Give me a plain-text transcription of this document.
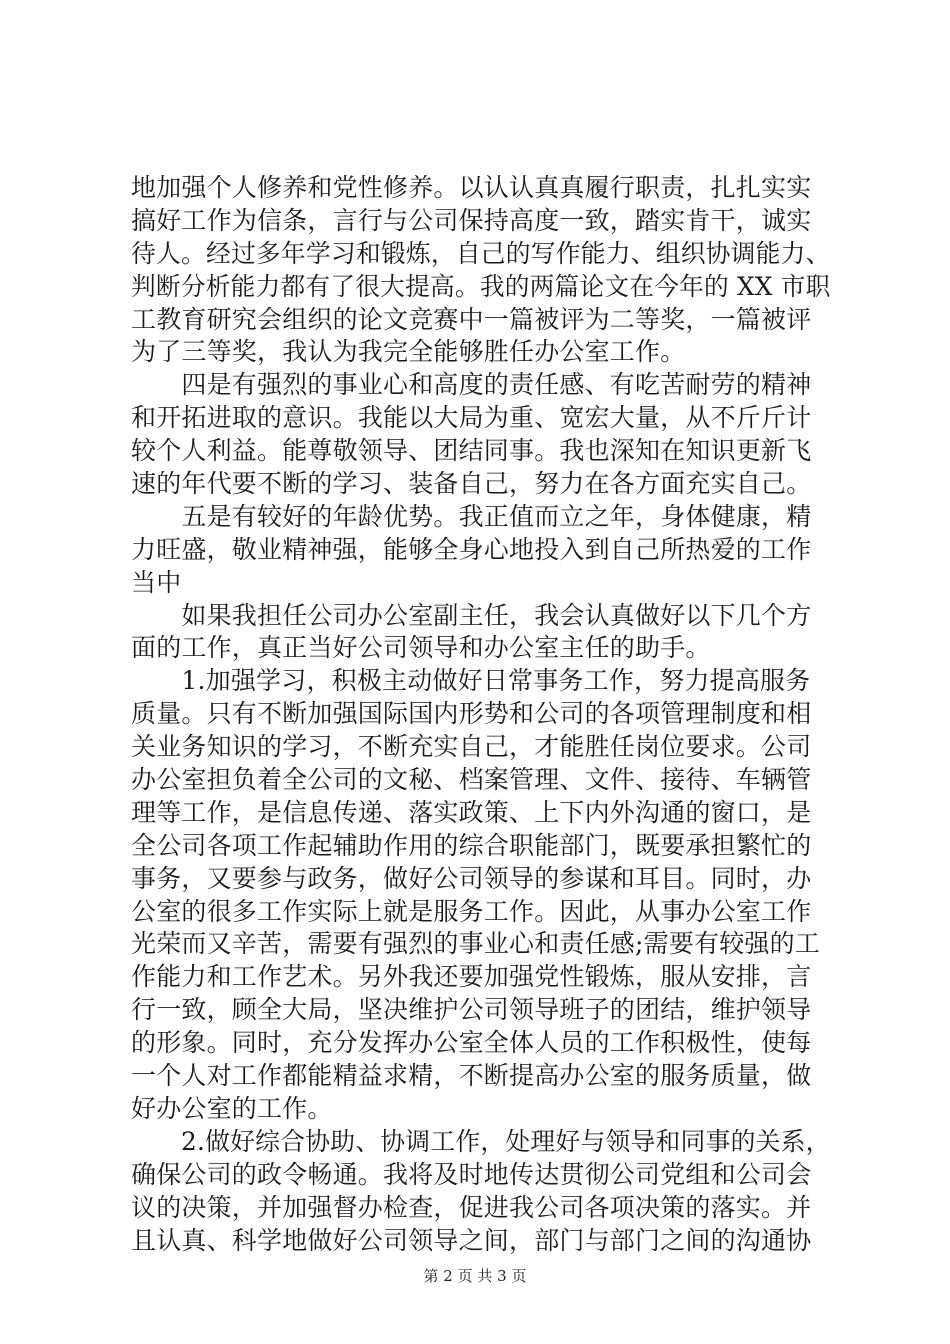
地加强个人修养和党性修养。以认认真真履行职责，扎扎实实
搞好工作为信条，言行与公司保持高度一致，踏实肯干，诚实
待人。经过多年学习和锻炼，自己的写作能力、组织协调能力、
判断分析能力都有了很大提高。我的两篇论文在今年的 XX 市职
工教育研究会组织的论文竞赛中一篇被评为二等奖，一篇被评
为了三等奖，我认为我完全能够胜任办公室工作。
　　四是有强烈的事业心和高度的责任感、有吃苦耐劳的精神
和开拓进取的意识。我能以大局为重、宽宏大量，从不斤斤计
较个人利益。能尊敬领导、团结同事。我也深知在知识更新飞
速的年代要不断的学习、装备自己，努力在各方面充实自己。
　　五是有较好的年龄优势。我正值而立之年，身体健康，精
力旺盛，敬业精神强，能够全身心地投入到自己所热爱的工作
当中
　　如果我担任公司办公室副主任，我会认真做好以下几个方
面的工作，真正当好公司领导和办公室主任的助手。
　　1.加强学习，积极主动做好日常事务工作，努力提高服务
质量。只有不断加强国际国内形势和公司的各项管理制度和相
关业务知识的学习，不断充实自己，才能胜任岗位要求。公司
办公室担负着全公司的文秘、档案管理、文件、接待、车辆管
理等工作，是信息传递、落实政策、上下内外沟通的窗口，是
全公司各项工作起辅助作用的综合职能部门，既要承担繁忙的
事务，又要参与政务，做好公司领导的参谋和耳目。同时，办
公室的很多工作实际上就是服务工作。因此，从事办公室工作
光荣而又辛苦，需要有强烈的事业心和责任感;需要有较强的工
作能力和工作艺术。另外我还要加强党性锻炼，服从安排，言
行一致，顾全大局，坚决维护公司领导班子的团结，维护领导
的形象。同时，充分发挥办公室全体人员的工作积极性，使每
一个人对工作都能精益求精，不断提高办公室的服务质量，做
好办公室的工作。
　　2.做好综合协助、协调工作，处理好与领导和同事的关系，
确保公司的政令畅通。我将及时地传达贯彻公司党组和公司会
议的决策，并加强督办检查，促进我公司各项决策的落实。并
且认真、科学地做好公司领导之间，部门与部门之间的沟通协
第 2 页 共 3 页
